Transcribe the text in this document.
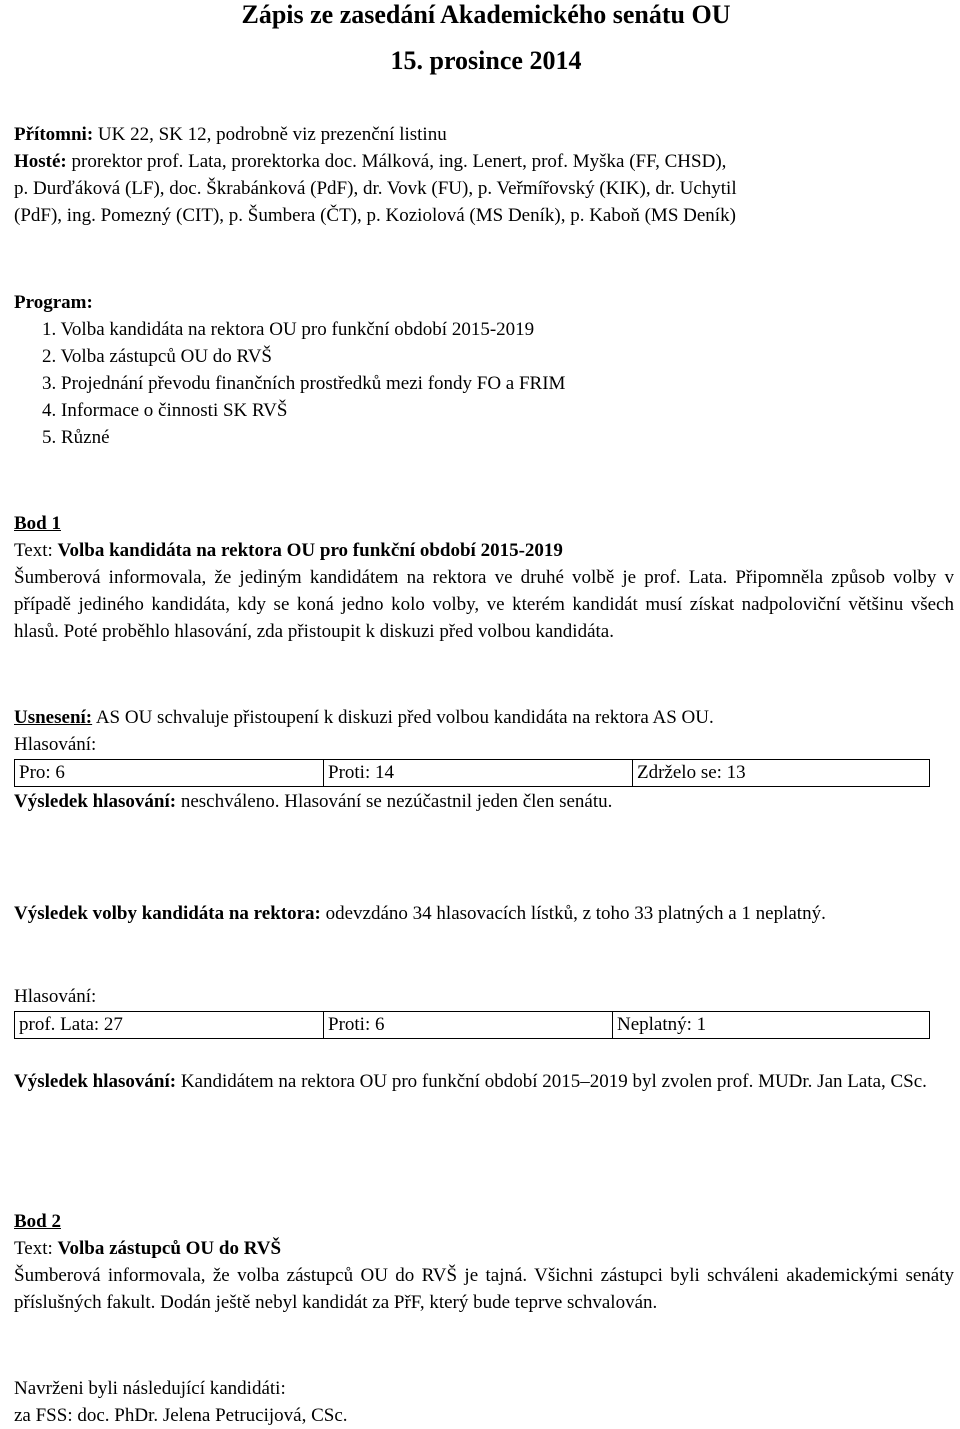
Zápis ze zasedání Akademického senátu OU
15. prosince 2014
Přítomni: UK 22, SK 12, podrobně viz prezenční listinu
Hosté: prorektor prof. Lata, prorektorka doc. Málková, ing. Lenert, prof. Myška (FF, CHSD),
p. Durďáková (LF), doc. Škrabánková (PdF), dr. Vovk (FU), p. Veřmířovský (KIK), dr. Uchytil
(PdF), ing. Pomezný (CIT), p. Šumbera (ČT), p. Koziolová (MS Deník), p. Kaboň (MS Deník)
Program:
1. Volba kandidáta na rektora OU pro funkční období 2015-2019
2. Volba zástupců OU do RVŠ
3. Projednání převodu finančních prostředků mezi fondy FO a FRIM
4. Informace o činnosti SK RVŠ
5. Různé
Bod 1
Text: Volba kandidáta na rektora OU pro funkční období 2015-2019
Šumberová informovala, že jediným kandidátem na rektora ve druhé volbě je prof. Lata. Připomněla způsob volby v případě jediného kandidáta, kdy se koná jedno kolo volby, ve kterém kandidát musí získat nadpoloviční většinu všech hlasů. Poté proběhlo hlasování, zda přistoupit k diskuzi před volbou kandidáta.
Usnesení: AS OU schvaluje přistoupení k diskuzi před volbou kandidáta na rektora AS OU.
Hlasování:
Pro: 6	Proti: 14	Zdrželo se: 13
Výsledek hlasování: neschváleno. Hlasování se nezúčastnil jeden člen senátu.
Výsledek volby kandidáta na rektora: odevzdáno 34 hlasovacích lístků, z toho 33 platných a 1 neplatný.
Hlasování:
prof. Lata: 27	Proti: 6	Neplatný: 1
Výsledek hlasování: Kandidátem na rektora OU pro funkční období 2015–2019 byl zvolen prof. MUDr. Jan Lata, CSc.
Bod 2
Text: Volba zástupců OU do RVŠ
Šumberová informovala, že volba zástupců OU do RVŠ je tajná. Všichni zástupci byli schváleni akademickými senáty příslušných fakult. Dodán ještě nebyl kandidát za PřF, který bude teprve schvalován.
Navrženi byli následující kandidáti:
za FSS: doc. PhDr. Jelena Petrucijová, CSc.
